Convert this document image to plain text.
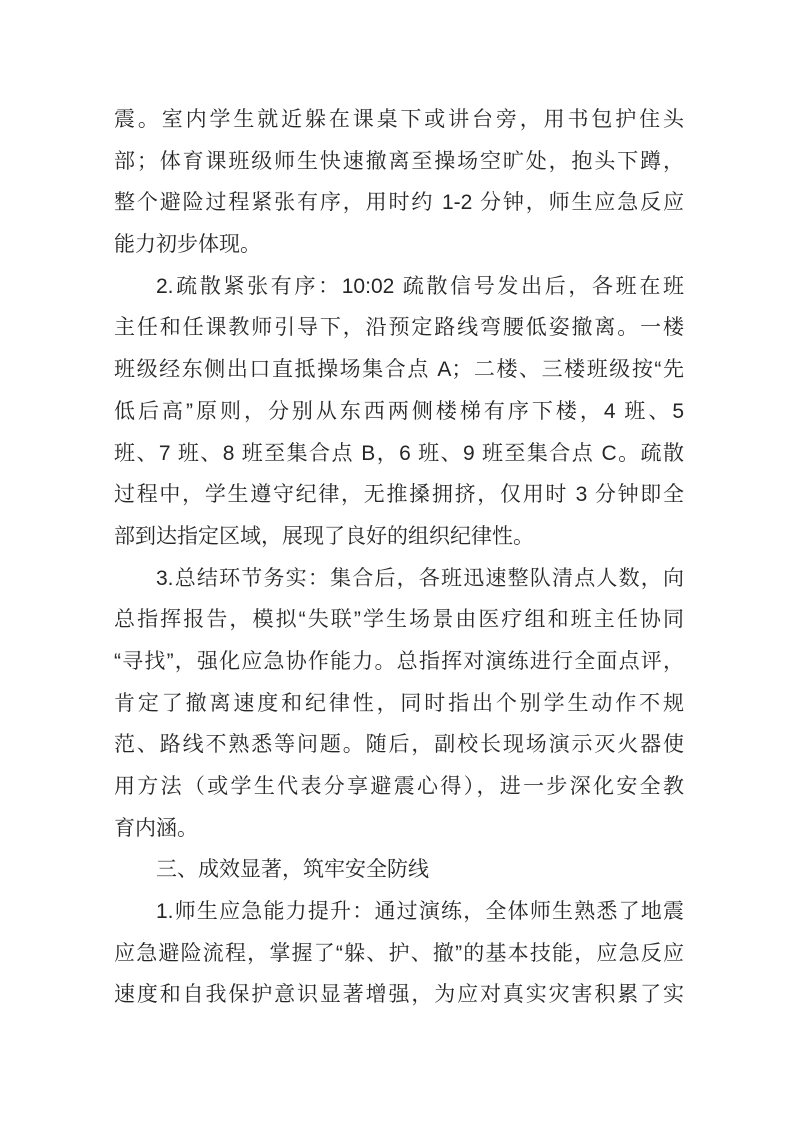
震。室内学生就近躲在课桌下或讲台旁，用书包护住头
部；体育课班级师生快速撤离至操场空旷处，抱头下蹲，
整个避险过程紧张有序，用时约 1-2 分钟，师生应急反应
能力初步体现。
2.疏散紧张有序：10:02 疏散信号发出后，各班在班
主任和任课教师引导下，沿预定路线弯腰低姿撤离。一楼
班级经东侧出口直抵操场集合点 A；二楼、三楼班级按“先
低后高”原则，分别从东西两侧楼梯有序下楼，4 班、5
班、7 班、8 班至集合点 B，6 班、9 班至集合点 C。疏散
过程中，学生遵守纪律，无推搡拥挤，仅用时 3 分钟即全
部到达指定区域，展现了良好的组织纪律性。
3.总结环节务实：集合后，各班迅速整队清点人数，向
总指挥报告，模拟“失联”学生场景由医疗组和班主任协同
“寻找”，强化应急协作能力。总指挥对演练进行全面点评，
肯定了撤离速度和纪律性，同时指出个别学生动作不规
范、路线不熟悉等问题。随后，副校长现场演示灭火器使
用方法（或学生代表分享避震心得），进一步深化安全教
育内涵。
三、成效显著，筑牢安全防线
1.师生应急能力提升：通过演练，全体师生熟悉了地震
应急避险流程，掌握了“躲、护、撤”的基本技能，应急反应
速度和自我保护意识显著增强，为应对真实灾害积累了实
